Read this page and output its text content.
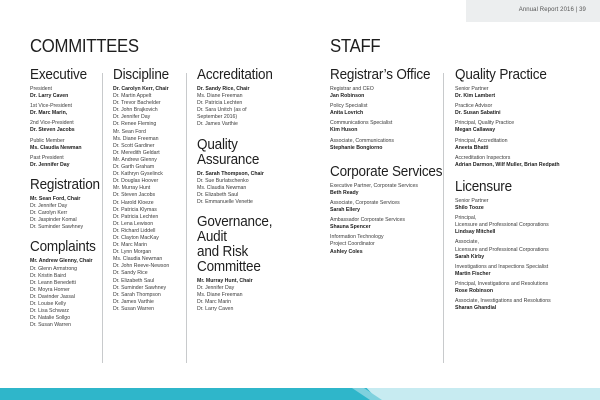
Annual Report 2016 | 39
COMMITTEES	STAFF
Executive
President
Dr. Larry Caven
1st Vice-President
Dr. Marc Marin,
2nd Vice-President
Dr. Steven Jacobs
Public Member
Ms. Claudia Newman
Past President
Dr. Jennifer Day
Registration
Mr. Sean Ford, Chair
Dr. Jennifer Day
Dr. Carolyn Kerr
Dr. Jaspinder Komal
Dr. Suminder Sawhney
Complaints
Mr. Andrew Glenny, Chair
Dr. Glenn Armstrong
Dr. Kristin Baird
Dr. Leann Benedetti
Dr. Moyra Horner
Dr. Davinder Jassal
Dr. Louise Kelly
Dr. Lisa Schwarz
Dr. Natalie Sollgo
Dr. Susan Warren
Discipline
Dr. Carolyn Kerr, Chair
Dr. Martin Appelt
Dr. Trevor Bachelder
Dr. John Brajkovich
Dr. Jennifer Day
Dr. Renee Fleming
Mr. Sean Ford
Ms. Diane Freeman
Dr. Scott Gardiner
Dr. Meredith Geldart
Mr. Andrew Glenny
Dr. Garth Graham
Dr. Kathryn Gyselinck
Dr. Douglas Hoover
Mr. Murray Hunt
Dr. Steven Jacobs
Dr. Harold Kloeze
Dr. Patricia Klymas
Dr. Patricia Lechten
Dr. Lena Lewison
Dr. Richard Liddell
Dr. Clayton MacKay
Dr. Marc Marin
Dr. Lynn Morgan
Ms. Claudia Newman
Dr. John Reeve-Newson
Dr. Sandy Rice
Dr. Elizabeth Saul
Dr. Suminder Sawhney
Dr. Sarah Thompson
Dr. James Varthie
Dr. Susan Warren
Accreditation
Dr. Sandy Rice, Chair
Ms. Diane Freeman
Dr. Patricia Lechten
Dr. Sara Unitch (as of
September 2016)
Dr. James Varthie
Quality
Assurance
Dr. Sarah Thompson, Chair
Dr. Sue Burlatschenko
Ms. Claudia Newman
Dr. Elizabeth Saul
Dr. Emmanuelle Venette
Governance,
Audit
and Risk
Committee
Mr. Murray Hunt, Chair
Dr. Jennifer Day
Ms. Diane Freeman
Dr. Marc Marin
Dr. Larry Caven
Registrar’s Office
Registrar and CEO
Jan Robinson
Policy Specialist
Anita Lovrich
Communications Specialist
Kim Huson
Associate, Communications
Stephanie Bongiorno
Corporate Services
Executive Partner, Corporate Services
Beth Ready
Associate, Corporate Services
Sarah Ellery
Ambassador Corporate Services
Shauna Spencer
Information Technology
Project Coordinator
Ashley Coles
Quality Practice
Senior Partner
Dr. Kim Lambert
Practice Advisor
Dr. Susan Sabatini
Principal, Quality Practice
Megan Callaway
Principal, Accreditation
Aneeta Bhatti
Accreditation Inspectors
Adrian Darmon, Wilf Muller, Brian Redpath
Licensure
Senior Partner
Shilo Tooze
Principal,
Licensure and Professional Corporations
Lindsay Mitchell
Associate,
Licensure and Professional Corporations
Sarah Kirby
Investigations and Inspections Specialist
Martin Fischer
Principal, Investigations and Resolutions
Rose Robinson
Associate, Investigations and Resolutions
Sharan Ghandial
